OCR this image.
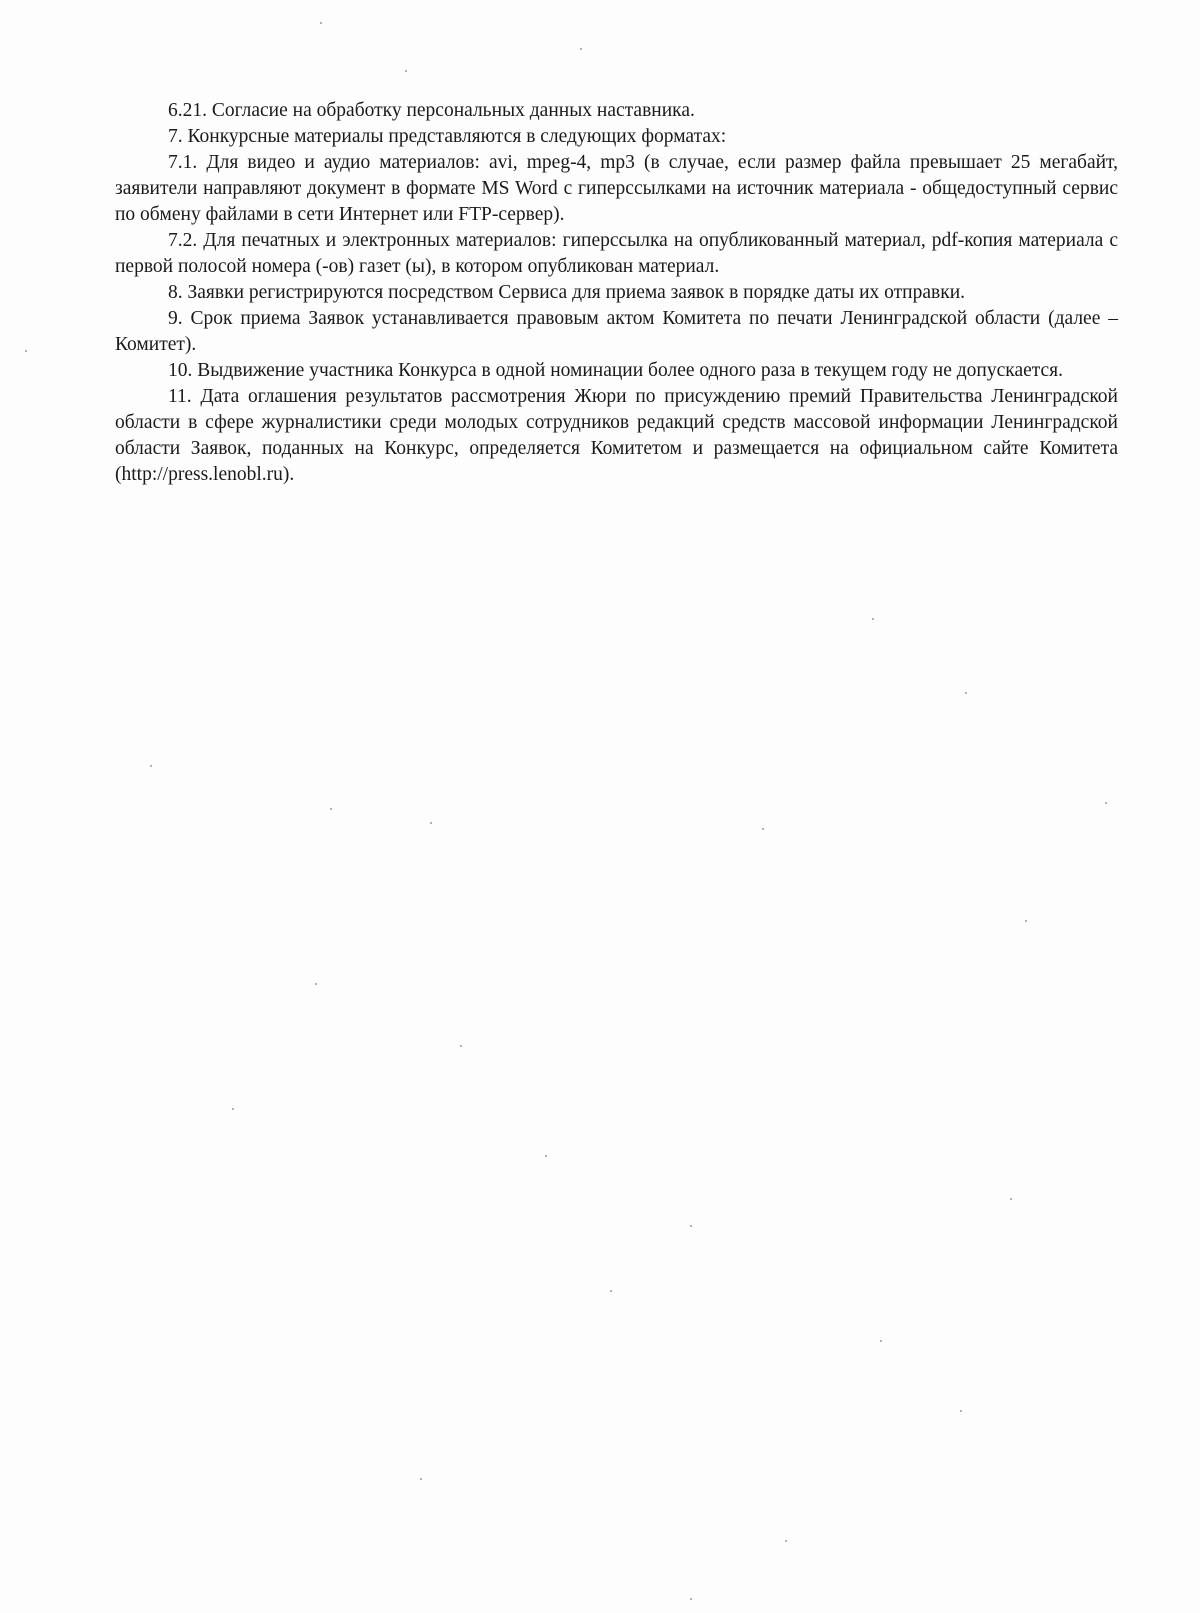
6.21. Согласие на обработку персональных данных наставника.

7. Конкурсные материалы представляются в следующих форматах:

7.1. Для видео и аудио материалов: avi, mpeg-4, mp3 (в случае, если размер файла превышает 25 мегабайт, заявители направляют документ в формате MS Word с гиперссылками на источник материала - общедоступный сервис по обмену файлами в сети Интернет или FTP-сервер).

7.2. Для печатных и электронных материалов: гиперссылка на опубликованный материал, pdf-копия материала с первой полосой номера (-ов) газет (ы), в котором опубликован материал.

8. Заявки регистрируются посредством Сервиса для приема заявок в порядке даты их отправки.

9. Срок приема Заявок устанавливается правовым актом Комитета по печати Ленинградской области (далее – Комитет).

10. Выдвижение участника Конкурса в одной номинации более одного раза в текущем году не допускается.

11. Дата оглашения результатов рассмотрения Жюри по присуждению премий Правительства Ленинградской области в сфере журналистики среди молодых сотрудников редакций средств массовой информации Ленинградской области Заявок, поданных на Конкурс, определяется Комитетом и размещается на официальном сайте Комитета (http://press.lenobl.ru).
